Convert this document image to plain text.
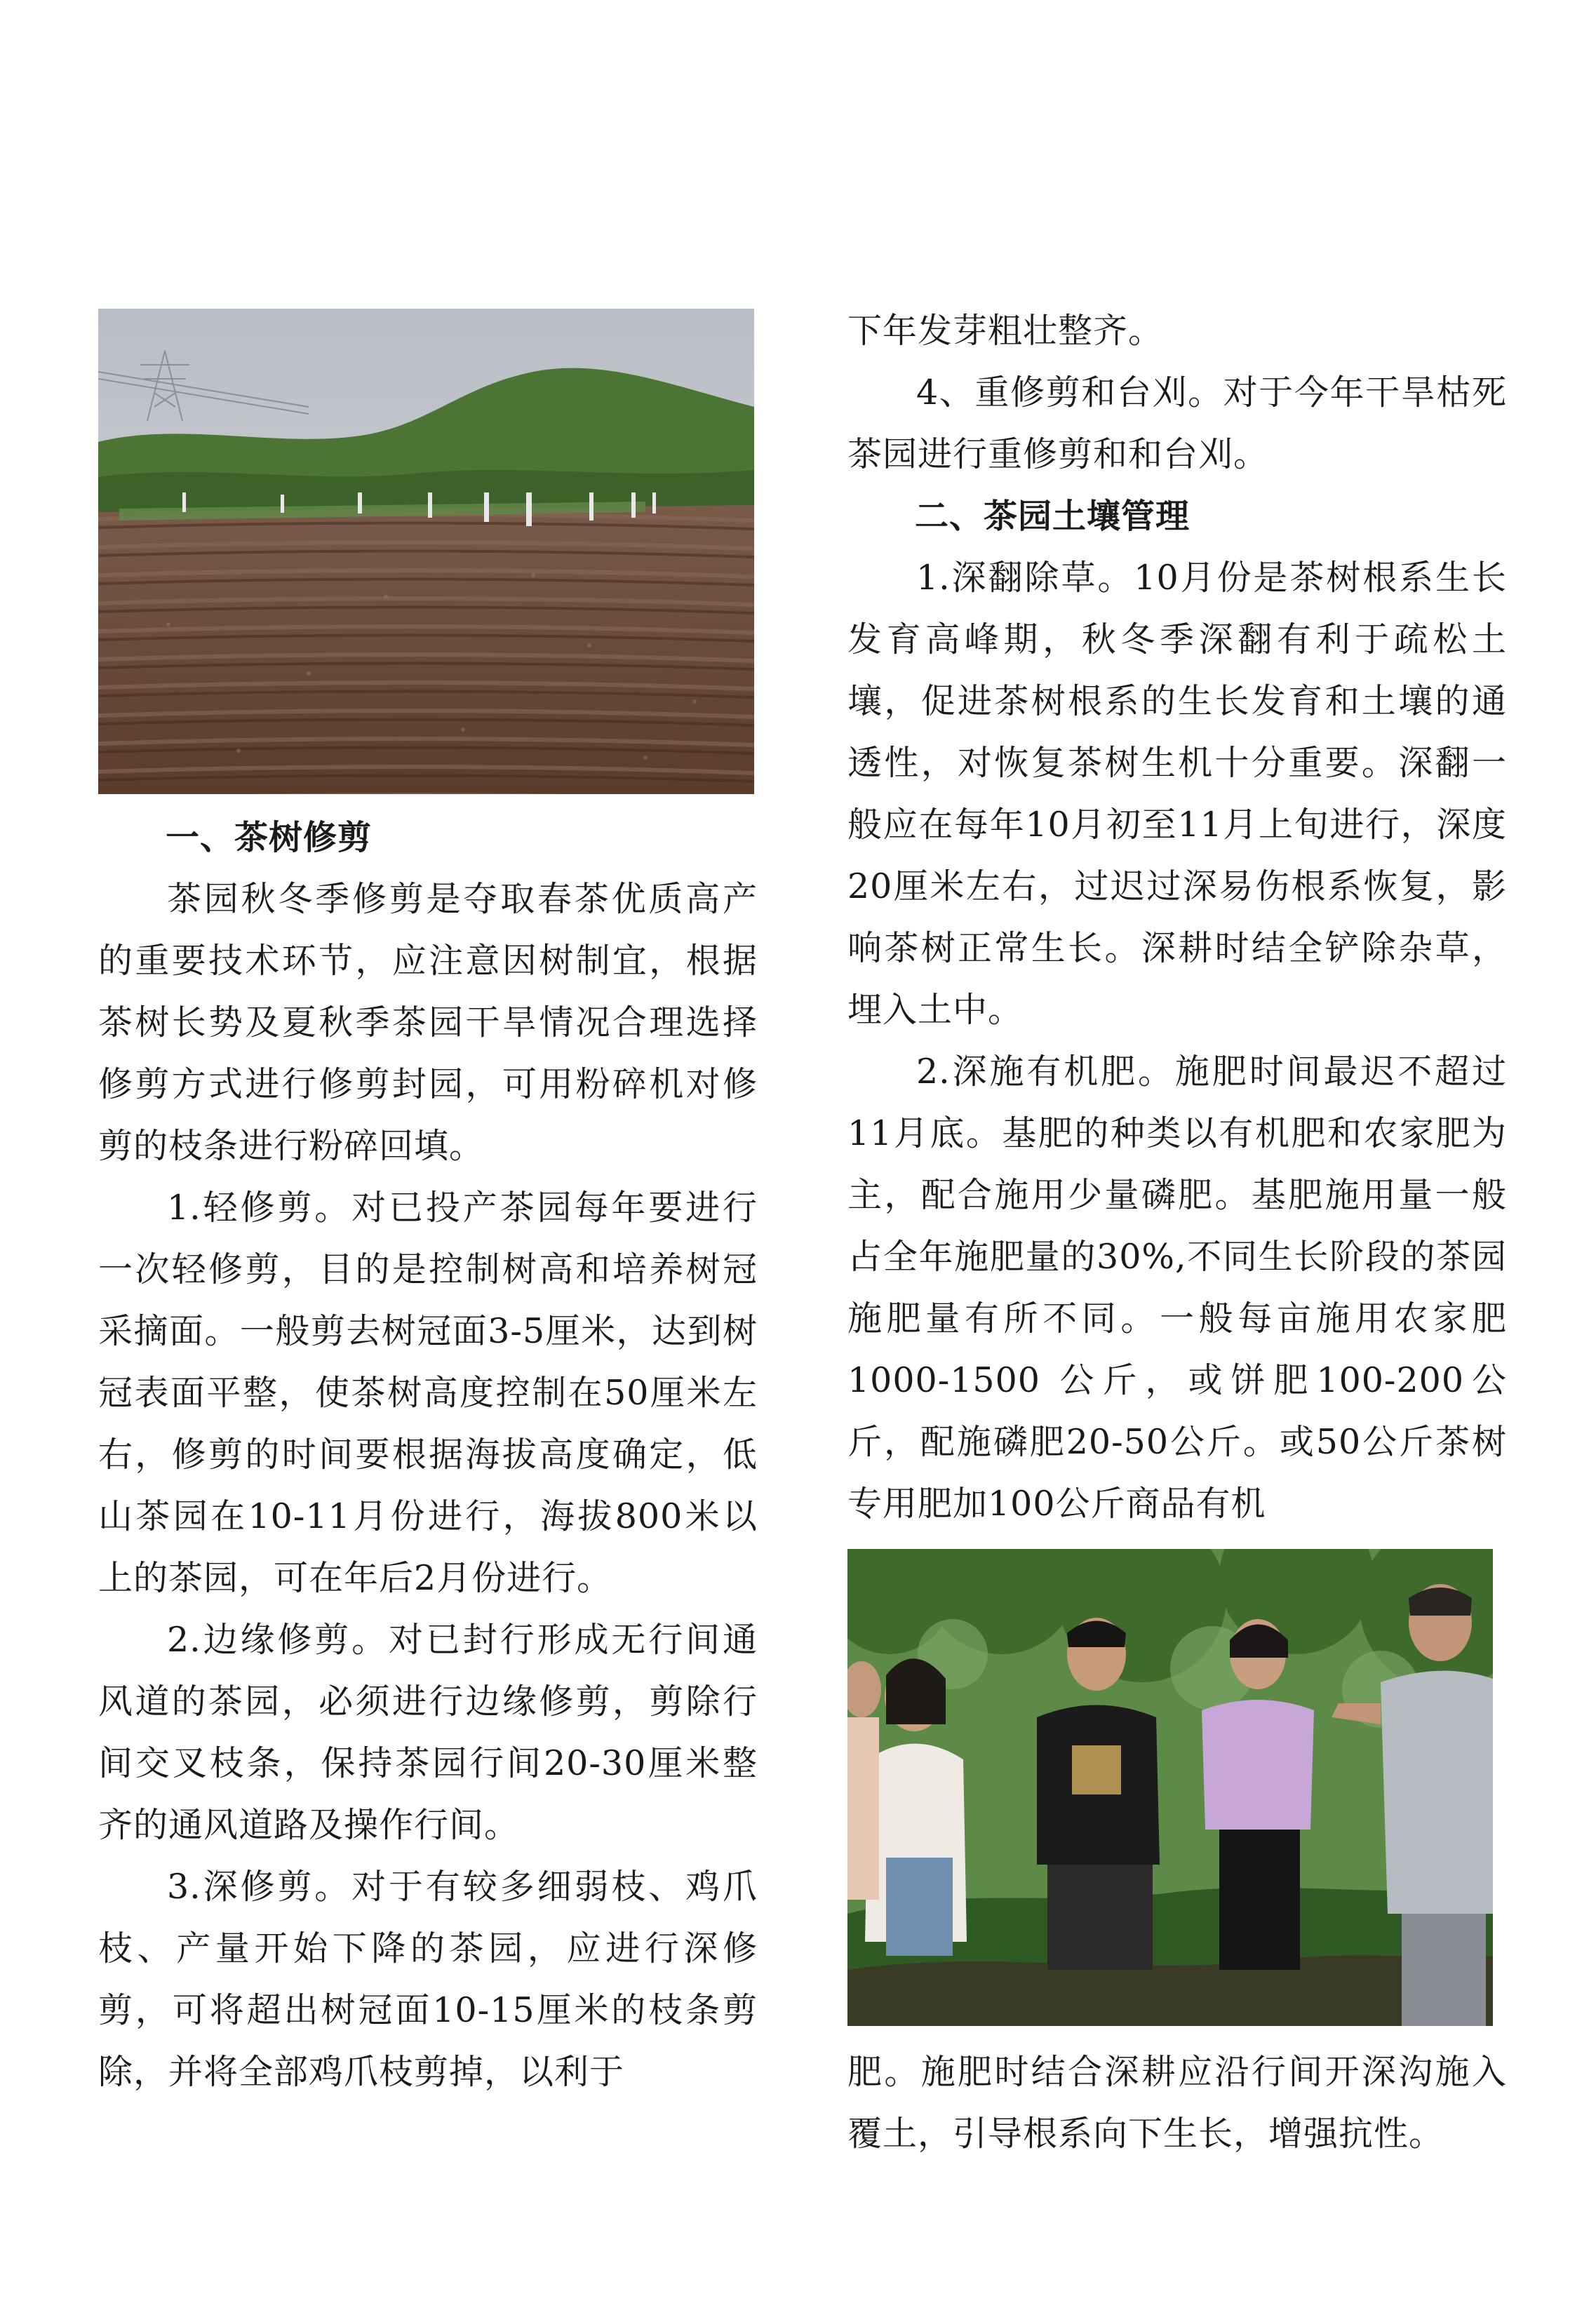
一、茶树修剪

茶园秋冬季修剪是夺取春茶优质高产的重要技术环节，应注意因树制宜，根据茶树长势及夏秋季茶园干旱情况合理选择修剪方式进行修剪封园，可用粉碎机对修剪的枝条进行粉碎回填。

1.轻修剪。对已投产茶园每年要进行一次轻修剪，目的是控制树高和培养树冠采摘面。一般剪去树冠面3-5厘米，达到树冠表面平整，使茶树高度控制在50厘米左右，修剪的时间要根据海拔高度确定，低山茶园在10-11月份进行，海拔800米以上的茶园，可在年后2月份进行。

2.边缘修剪。对已封行形成无行间通风道的茶园，必须进行边缘修剪，剪除行间交叉枝条，保持茶园行间20-30厘米整齐的通风道路及操作行间。

3.深修剪。对于有较多细弱枝、鸡爪枝、产量开始下降的茶园，应进行深修剪，可将超出树冠面10-15厘米的枝条剪除，并将全部鸡爪枝剪掉，以利于

下年发芽粗壮整齐。

4、重修剪和台刈。对于今年干旱枯死茶园进行重修剪和和台刈。

二、茶园土壤管理

1.深翻除草。10月份是茶树根系生长发育高峰期，秋冬季深翻有利于疏松土壤，促进茶树根系的生长发育和土壤的通透性，对恢复茶树生机十分重要。深翻一般应在每年10月初至11月上旬进行，深度20厘米左右，过迟过深易伤根系恢复，影响茶树正常生长。深耕时结全铲除杂草，埋入土中。

2.深施有机肥。施肥时间最迟不超过11月底。基肥的种类以有机肥和农家肥为主，配合施用少量磷肥。基肥施用量一般占全年施肥量的30%,不同生长阶段的茶园施肥量有所不同。一般每亩施用农家肥 1000-1500 公斤，或饼肥100-200公斤，配施磷肥20-50公斤。或50公斤茶树专用肥加100公斤商品有机

肥。施肥时结合深耕应沿行间开深沟施入覆土，引导根系向下生长，增强抗性。
